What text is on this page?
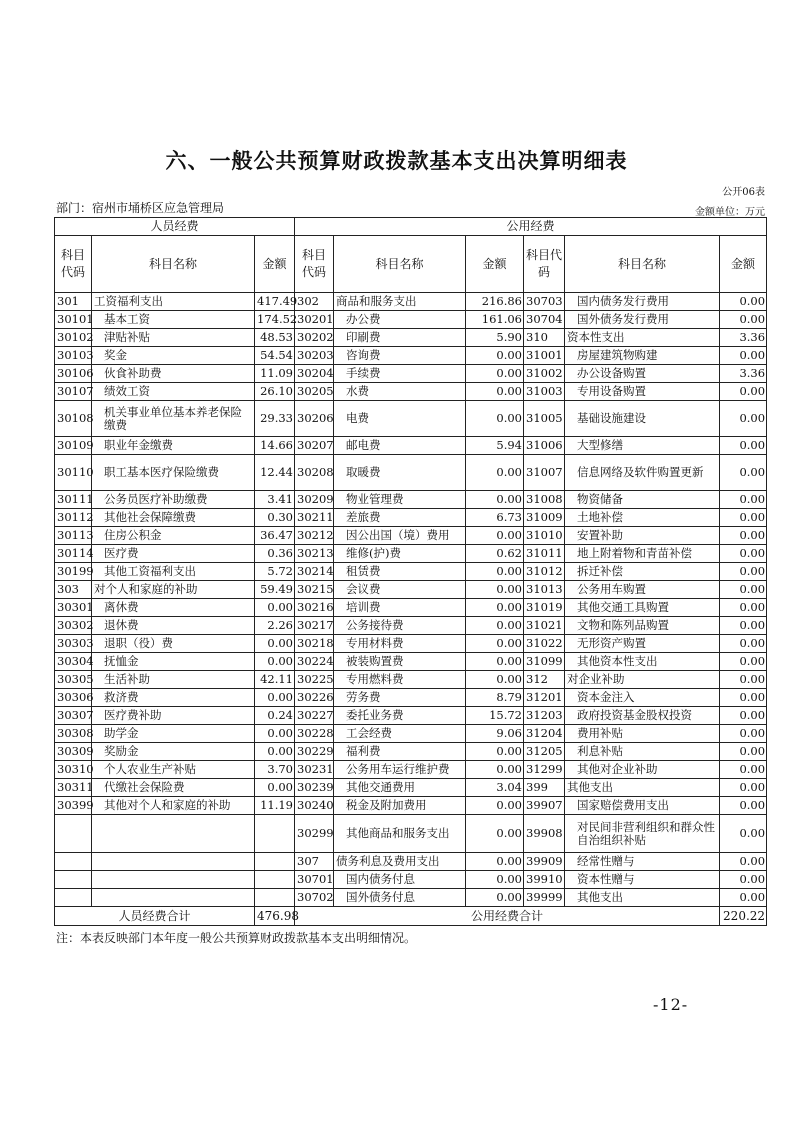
六、一般公共预算财政拨款基本支出决算明细表
公开06表
部门：宿州市埇桥区应急管理局	金额单位：万元
人员经费			公用经费					
科目代码	科目名称	金额	科目代码	科目名称	金额	科目代码	科目名称	金额
301	工资福利支出	417.49	302	商品和服务支出	216.86	30703	国内债务发行费用	0.00
30101	基本工资	174.52	30201	办公费	161.06	30704	国外债务发行费用	0.00
30102	津贴补贴	48.53	30202	印刷费	5.90	310	资本性支出	3.36
30103	奖金	54.54	30203	咨询费	0.00	31001	房屋建筑物购建	0.00
30106	伙食补助费	11.09	30204	手续费	0.00	31002	办公设备购置	3.36
30107	绩效工资	26.10	30205	水费	0.00	31003	专用设备购置	0.00
30108	机关事业单位基本养老保险缴费	29.33	30206	电费	0.00	31005	基础设施建设	0.00
30109	职业年金缴费	14.66	30207	邮电费	5.94	31006	大型修缮	0.00
30110	职工基本医疗保险缴费	12.44	30208	取暖费	0.00	31007	信息网络及软件购置更新	0.00
30111	公务员医疗补助缴费	3.41	30209	物业管理费	0.00	31008	物资储备	0.00
30112	其他社会保障缴费	0.30	30211	差旅费	6.73	31009	土地补偿	0.00
30113	住房公积金	36.47	30212	因公出国（境）费用	0.00	31010	安置补助	0.00
30114	医疗费	0.36	30213	维修(护)费	0.62	31011	地上附着物和青苗补偿	0.00
30199	其他工资福利支出	5.72	30214	租赁费	0.00	31012	拆迁补偿	0.00
303	对个人和家庭的补助	59.49	30215	会议费	0.00	31013	公务用车购置	0.00
30301	离休费	0.00	30216	培训费	0.00	31019	其他交通工具购置	0.00
30302	退休费	2.26	30217	公务接待费	0.00	31021	文物和陈列品购置	0.00
30303	退职（役）费	0.00	30218	专用材料费	0.00	31022	无形资产购置	0.00
30304	抚恤金	0.00	30224	被装购置费	0.00	31099	其他资本性支出	0.00
30305	生活补助	42.11	30225	专用燃料费	0.00	312	对企业补助	0.00
30306	救济费	0.00	30226	劳务费	8.79	31201	资本金注入	0.00
30307	医疗费补助	0.24	30227	委托业务费	15.72	31203	政府投资基金股权投资	0.00
30308	助学金	0.00	30228	工会经费	9.06	31204	费用补贴	0.00
30309	奖励金	0.00	30229	福利费	0.00	31205	利息补贴	0.00
30310	个人农业生产补贴	3.70	30231	公务用车运行维护费	0.00	31299	其他对企业补助	0.00
30311	代缴社会保险费	0.00	30239	其他交通费用	3.04	399	其他支出	0.00
30399	其他对个人和家庭的补助	11.19	30240	税金及附加费用	0.00	39907	国家赔偿费用支出	0.00
			30299	其他商品和服务支出	0.00	39908	对民间非营利组织和群众性自治组织补贴	0.00
			307	债务利息及费用支出	0.00	39909	经常性赠与	0.00
			30701	国内债务付息	0.00	39910	资本性赠与	0.00
			30702	国外债务付息	0.00	39999	其他支出	0.00
人员经费合计		476.98	公用经费合计					220.22
注：本表反映部门本年度一般公共预算财政拨款基本支出明细情况。
-12-
